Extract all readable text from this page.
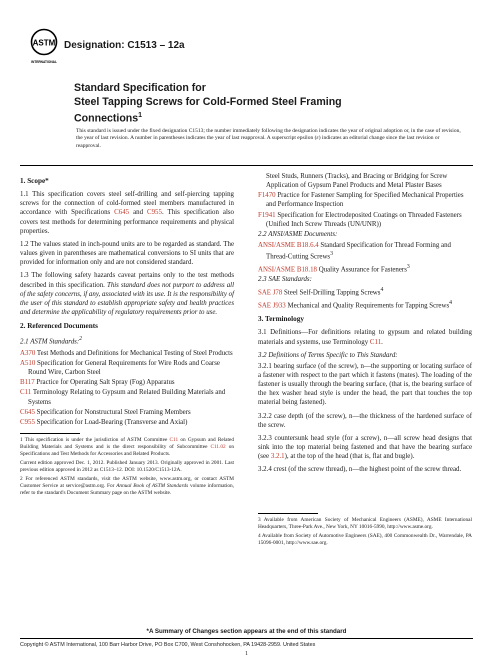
ASTM
INTERNATIONAL
Designation: C1513 – 12a
Standard Specification for
Steel Tapping Screws for Cold-Formed Steel Framing
Connections$^1$
This standard is issued under the fixed designation C1513; the number immediately following the designation indicates the year of original adoption or, in the case of revision, the year of last revision. A number in parentheses indicates the year of last reapproval. A superscript epsilon (ε) indicates an editorial change since the last revision or reapproval.
1. Scope*

1.1 This specification covers steel self-drilling and self-piercing tapping screws for the connection of cold-formed steel members manufactured in accordance with Specifications C645 and C955. This specification also covers test methods for determining performance requirements and physical properties.

1.2 The values stated in inch-pound units are to be regarded as standard. The values given in parentheses are mathematical conversions to SI units that are provided for information only and are not considered standard.

1.3 The following safety hazards caveat pertains only to the test methods described in this specification. This standard does not purport to address all of the safety concerns, if any, associated with its use. It is the responsibility of the user of this standard to establish appropriate safety and health practices and determine the applicability of regulatory requirements prior to use.

2. Referenced Documents

2.1 ASTM Standards:$^2$

A370 Test Methods and Definitions for Mechanical Testing of Steel Products

A510 Specification for General Requirements for Wire Rods and Coarse Round Wire, Carbon Steel

B117 Practice for Operating Salt Spray (Fog) Apparatus

C11 Terminology Relating to Gypsum and Related Building Materials and Systems

C645 Specification for Nonstructural Steel Framing Members

C955 Specification for Load-Bearing (Transverse and Axial)

1 This specification is under the jurisdiction of ASTM Committee C11 on Gypsum and Related Building Materials and Systems and is the direct responsibility of Subcommittee C11.02 on Specifications and Test Methods for Accessories and Related Products.

Current edition approved Dec. 1, 2012. Published January 2013. Originally approved in 2001. Last previous edition approved in 2012 as C1513–12. DOI: 10.1520/C1513-12A.

2 For referenced ASTM standards, visit the ASTM website, www.astm.org, or contact ASTM Customer Service at service@astm.org. For Annual Book of ASTM Standards volume information, refer to the standard's Document Summary page on the ASTM website.

Steel Studs, Runners (Tracks), and Bracing or Bridging for Screw Application of Gypsum Panel Products and Metal Plaster Bases

F1470 Practice for Fastener Sampling for Specified Mechanical Properties and Performance Inspection

F1941 Specification for Electrodeposited Coatings on Threaded Fasteners (Unified Inch Screw Threads (UN/UNR))

2.2 ANSI/ASME Documents:

ANSI/ASME B18.6.4 Standard Specification for Thread Forming and Thread-Cutting Screws$^3$

ANSI/ASME B18.18 Quality Assurance for Fasteners$^3$

2.3 SAE Standards:

SAE J78 Steel Self-Drilling Tapping Screws$^4$

SAE J933 Mechanical and Quality Requirements for Tapping Screws$^4$

3. Terminology

3.1 Definitions—For definitions relating to gypsum and related building materials and systems, use Terminology C11.

3.2 Definitions of Terms Specific to This Standard:

3.2.1 bearing surface (of the screw), n—the supporting or locating surface of a fastener with respect to the part which it fastens (mates). The loading of the fastener is usually through the bearing surface, (that is, the bearing surface of the hex washer head style is under the head, the part that touches the top material being fastened).

3.2.2 case depth (of the screw), n—the thickness of the hardened surface of the screw.

3.2.3 countersunk head style (for a screw), n—all screw head designs that sink into the top material being fastened and that have the bearing surface (see 3.2.1), at the top of the head (that is, flat and bugle).

3.2.4 crest (of the screw thread), n—the highest point of the screw thread.

3 Available from American Society of Mechanical Engineers (ASME), ASME International Headquarters, Three-Park Ave., New York, NY 10016-5990, http://www.asme.org.

4 Available from Society of Automotive Engineers (SAE), 400 Commonwealth Dr., Warrendale, PA 15096-0001, http://www.sae.org.

*A Summary of Changes section appears at the end of this standard
Copyright © ASTM International, 100 Barr Harbor Drive, PO Box C700, West Conshohocken, PA 19428-2959. United States
1
